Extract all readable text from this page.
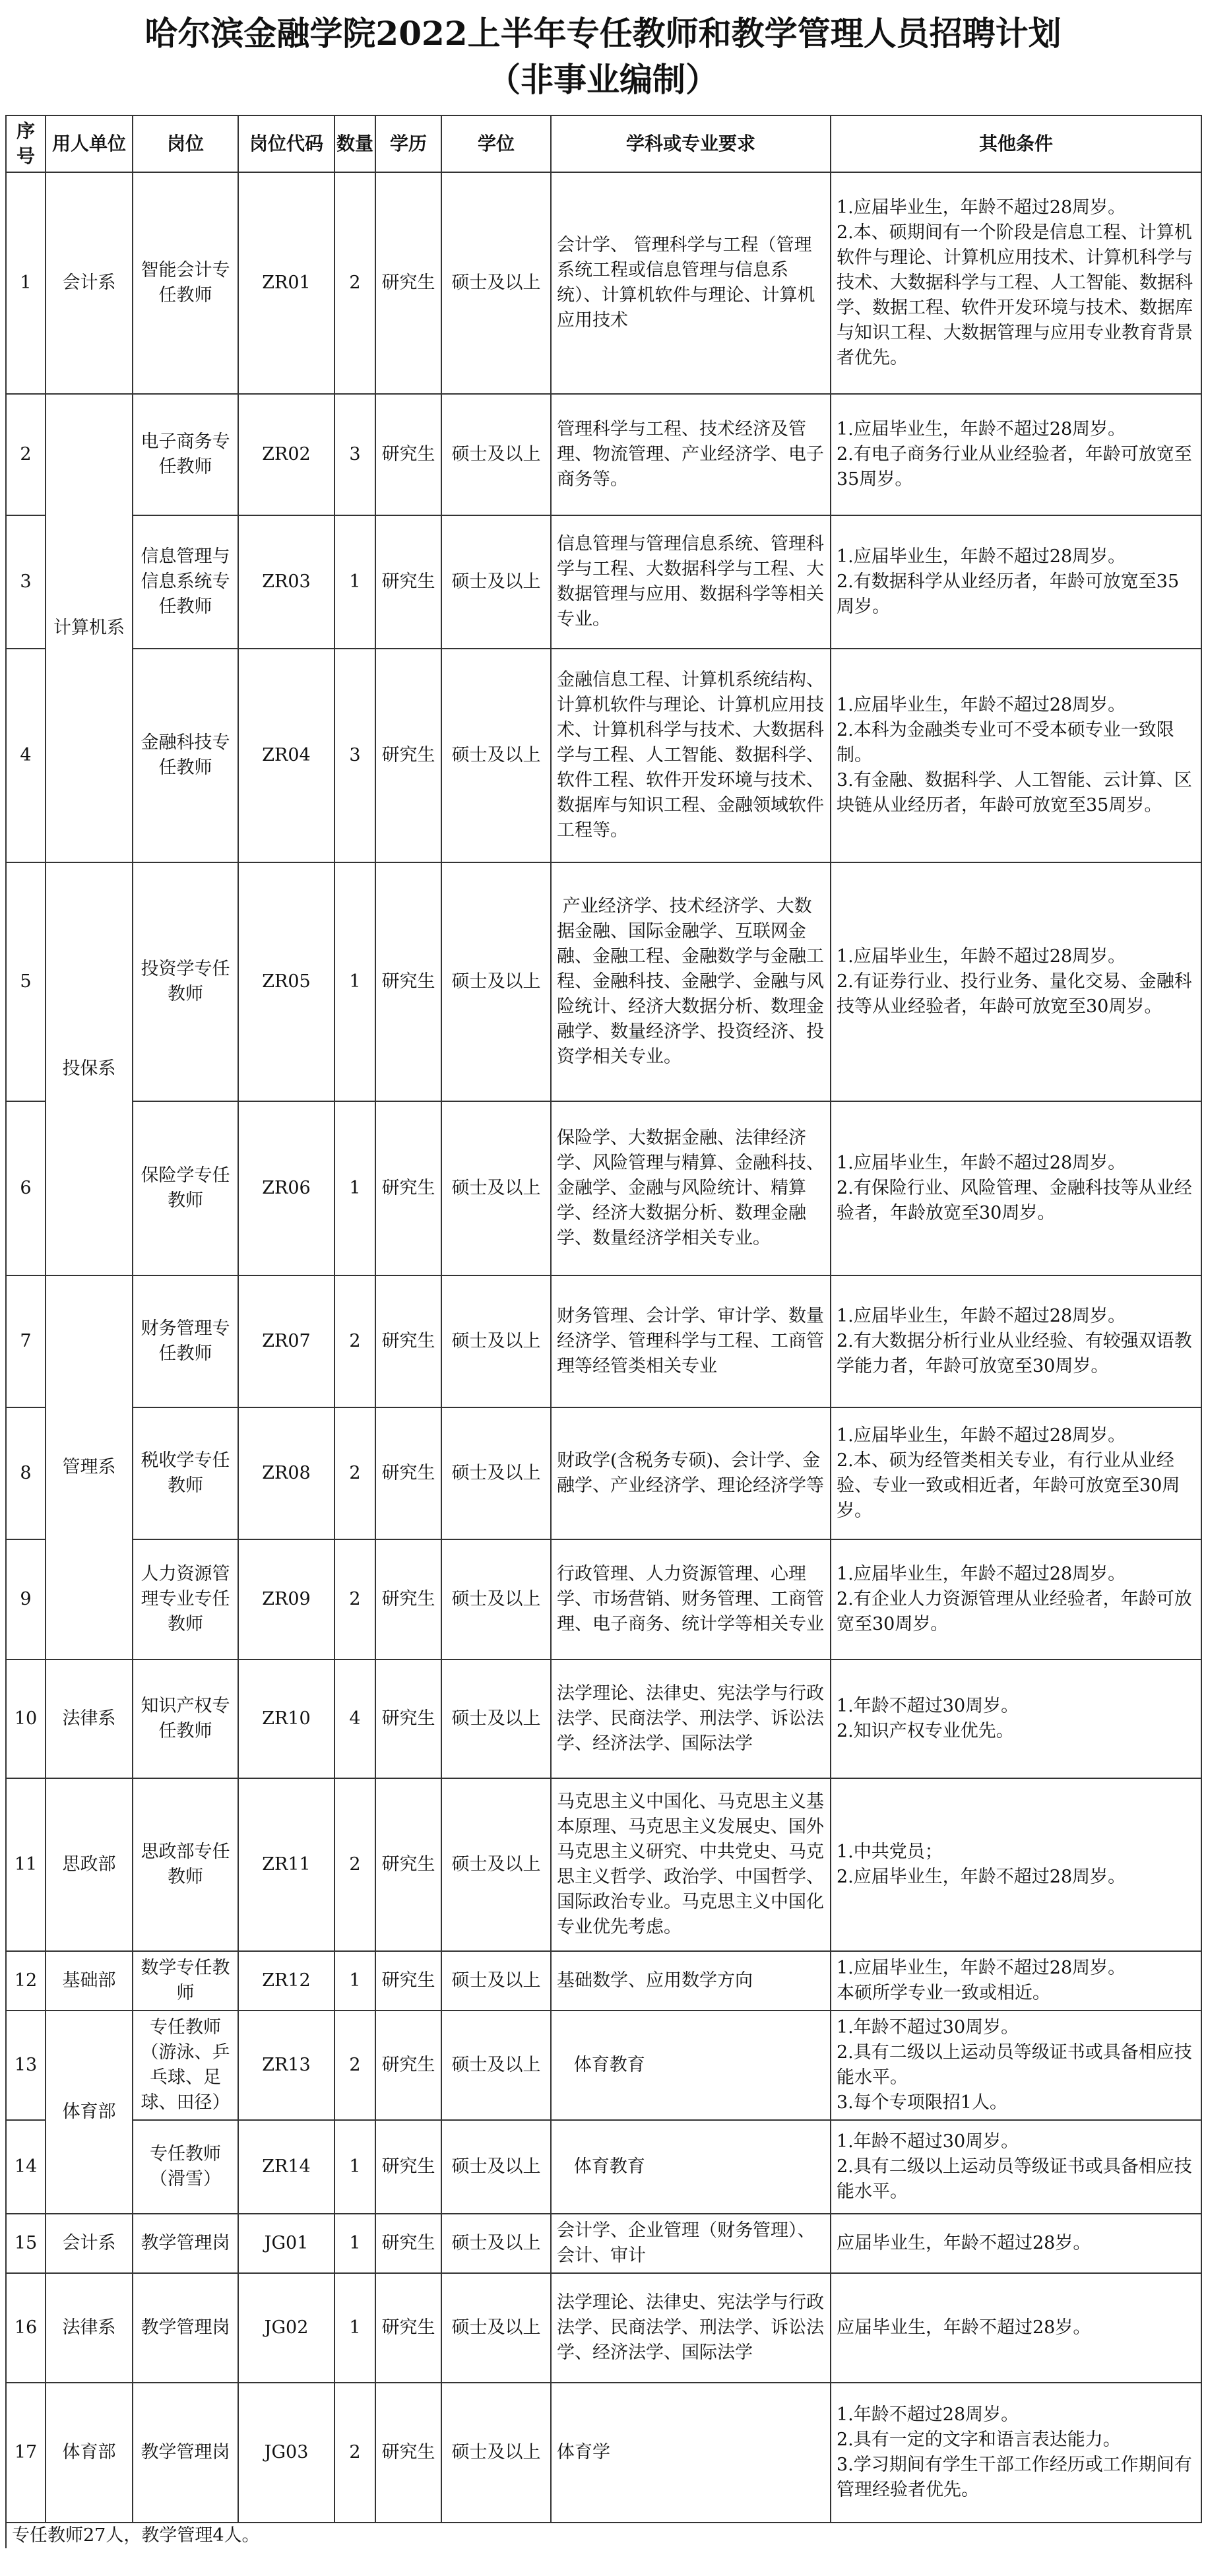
哈尔滨金融学院2022上半年专任教师和教学管理人员招聘计划
（非事业编制）
序号	用人单位	岗位	岗位代码	数量	学历	学位	学科或专业要求	其他条件
1	会计系	智能会计专任教师	ZR01	2	研究生	硕士及以上	会计学、 管理科学与工程（管理系统工程或信息管理与信息系统）、计算机软件与理论、计算机应用技术	1.应届毕业生，年龄不超过28周岁。
2.本、硕期间有一个阶段是信息工程、计算机软件与理论、计算机应用技术、计算机科学与技术、大数据科学与工程、人工智能、数据科学、数据工程、软件开发环境与技术、数据库与知识工程、大数据管理与应用专业教育背景者优先。
2	计算机系	电子商务专任教师	ZR02	3	研究生	硕士及以上	管理科学与工程、技术经济及管理、物流管理、产业经济学、电子商务等。	1.应届毕业生，年龄不超过28周岁。
2.有电子商务行业从业经验者，年龄可放宽至35周岁。
3		信息管理与信息系统专任教师	ZR03	1	研究生	硕士及以上	信息管理与管理信息系统、管理科学与工程、大数据科学与工程、大数据管理与应用、数据科学等相关专业。	1.应届毕业生，年龄不超过28周岁。
2.有数据科学从业经历者，年龄可放宽至35周岁。
4		金融科技专任教师	ZR04	3	研究生	硕士及以上	金融信息工程、计算机系统结构、计算机软件与理论、计算机应用技术、计算机科学与技术、大数据科学与工程、人工智能、数据科学、软件工程、软件开发环境与技术、数据库与知识工程、金融领域软件工程等。	1.应届毕业生，年龄不超过28周岁。
2.本科为金融类专业可不受本硕专业一致限制。
3.有金融、数据科学、人工智能、云计算、区块链从业经历者，年龄可放宽至35周岁。
5	投保系	投资学专任教师	ZR05	1	研究生	硕士及以上	产业经济学、技术经济学、大数据金融、国际金融学、互联网金融、金融工程、金融数学与金融工程、金融科技、金融学、金融与风险统计、经济大数据分析、数理金融学、数量经济学、投资经济、投资学相关专业。	1.应届毕业生，年龄不超过28周岁。
2.有证券行业、投行业务、量化交易、金融科技等从业经验者，年龄可放宽至30周岁。
6		保险学专任教师	ZR06	1	研究生	硕士及以上	保险学、大数据金融、法律经济学、风险管理与精算、金融科技、金融学、金融与风险统计、精算学、经济大数据分析、数理金融学、数量经济学相关专业。	1.应届毕业生，年龄不超过28周岁。
2.有保险行业、风险管理、金融科技等从业经验者，年龄放宽至30周岁。
7	管理系	财务管理专任教师	ZR07	2	研究生	硕士及以上	财务管理、会计学、审计学、数量经济学、管理科学与工程、工商管理等经管类相关专业	1.应届毕业生，年龄不超过28周岁。
2.有大数据分析行业从业经验、有较强双语教学能力者，年龄可放宽至30周岁。
8		税收学专任教师	ZR08	2	研究生	硕士及以上	财政学(含税务专硕)、会计学、金融学、产业经济学、理论经济学等	1.应届毕业生，年龄不超过28周岁。
2.本、硕为经管类相关专业，有行业从业经验、专业一致或相近者，年龄可放宽至30周岁。
9		人力资源管理专业专任教师	ZR09	2	研究生	硕士及以上	行政管理、人力资源管理、心理学、市场营销、财务管理、工商管理、电子商务、统计学等相关专业	1.应届毕业生，年龄不超过28周岁。
2.有企业人力资源管理从业经验者，年龄可放宽至30周岁。
10	法律系	知识产权专任教师	ZR10	4	研究生	硕士及以上	法学理论、法律史、宪法学与行政法学、民商法学、刑法学、诉讼法学、经济法学、国际法学	1.年龄不超过30周岁。
2.知识产权专业优先。
11	思政部	思政部专任教师	ZR11	2	研究生	硕士及以上	马克思主义中国化、马克思主义基本原理、马克思主义发展史、国外马克思主义研究、中共党史、马克思主义哲学、政治学、中国哲学、国际政治专业。马克思主义中国化专业优先考虑。	1.中共党员；
2.应届毕业生，年龄不超过28周岁。
12	基础部	数学专任教师	ZR12	1	研究生	硕士及以上	基础数学、应用数学方向	1.应届毕业生，年龄不超过28周岁。
本硕所学专业一致或相近。
13	体育部	专任教师（游泳、乒乓球、足球、田径）	ZR13	2	研究生	硕士及以上	体育教育	1.年龄不超过30周岁。
2.具有二级以上运动员等级证书或具备相应技能水平。
3.每个专项限招1人。
14		专任教师（滑雪）	ZR14	1	研究生	硕士及以上	体育教育	1.年龄不超过30周岁。
2.具有二级以上运动员等级证书或具备相应技能水平。
15	会计系	教学管理岗	JG01	1	研究生	硕士及以上	会计学、企业管理（财务管理）、会计、审计	应届毕业生，年龄不超过28岁。
16	法律系	教学管理岗	JG02	1	研究生	硕士及以上	法学理论、法律史、宪法学与行政法学、民商法学、刑法学、诉讼法学、经济法学、国际法学	应届毕业生，年龄不超过28岁。
17	体育部	教学管理岗	JG03	2	研究生	硕士及以上	体育学	1.年龄不超过28周岁。
2.具有一定的文字和语言表达能力。
3.学习期间有学生干部工作经历或工作期间有管理经验者优先。
专任教师27人，教学管理4人。								
